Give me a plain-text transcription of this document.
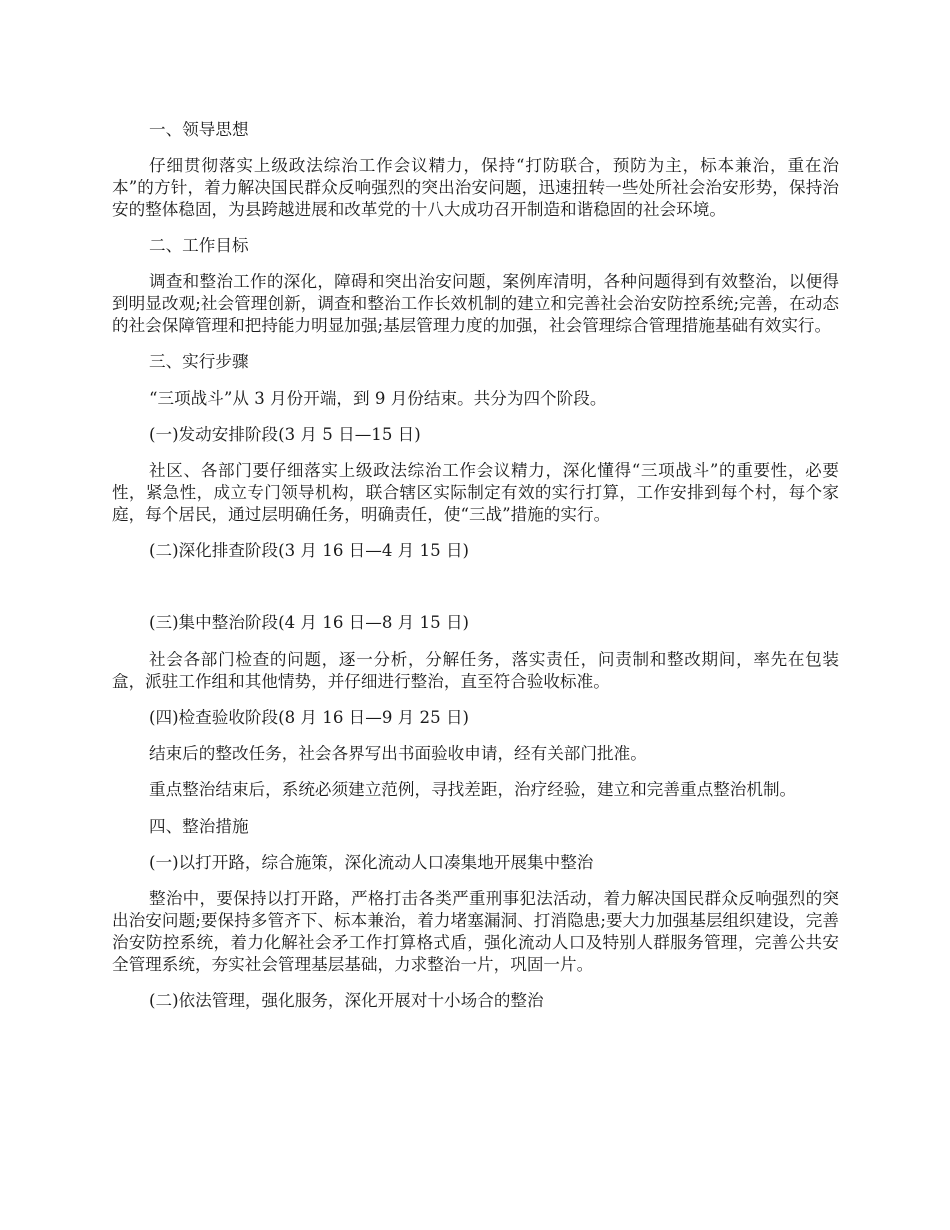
一、领导思想

仔细贯彻落实上级政法综治工作会议精力，保持“打防联合，预防为主，标本兼治，重在治本”的方针，着力解决国民群众反响强烈的突出治安问题，迅速扭转一些处所社会治安形势，保持治安的整体稳固，为县跨越进展和改革党的十八大成功召开制造和谐稳固的社会环境。

二、工作目标

调查和整治工作的深化，障碍和突出治安问题，案例库清明，各种问题得到有效整治，以便得到明显改观;社会管理创新，调查和整治工作长效机制的建立和完善社会治安防控系统;完善，在动态的社会保障管理和把持能力明显加强;基层管理力度的加强，社会管理综合管理措施基础有效实行。

三、实行步骤

“三项战斗”从 3 月份开端，到 9 月份结束。共分为四个阶段。

(一)发动安排阶段(3 月 5 日—15 日)

社区、各部门要仔细落实上级政法综治工作会议精力，深化懂得“三项战斗”的重要性，必要性，紧急性，成立专门领导机构，联合辖区实际制定有效的实行打算，工作安排到每个村，每个家庭，每个居民，通过层明确任务，明确责任，使“三战”措施的实行。

(二)深化排查阶段(3 月 16 日—4 月 15 日)

(三)集中整治阶段(4 月 16 日—8 月 15 日)

社会各部门检查的问题，逐一分析，分解任务，落实责任，问责制和整改期间，率先在包装盒，派驻工作组和其他情势，并仔细进行整治，直至符合验收标准。

(四)检查验收阶段(8 月 16 日—9 月 25 日)

结束后的整改任务，社会各界写出书面验收申请，经有关部门批准。

重点整治结束后，系统必须建立范例，寻找差距，治疗经验，建立和完善重点整治机制。

四、整治措施

(一)以打开路，综合施策，深化流动人口凑集地开展集中整治

整治中，要保持以打开路，严格打击各类严重刑事犯法活动，着力解决国民群众反响强烈的突出治安问题;要保持多管齐下、标本兼治，着力堵塞漏洞、打消隐患;要大力加强基层组织建设，完善治安防控系统，着力化解社会矛工作打算格式盾，强化流动人口及特别人群服务管理，完善公共安全管理系统，夯实社会管理基层基础，力求整治一片，巩固一片。

(二)依法管理，强化服务，深化开展对十小场合的整治
